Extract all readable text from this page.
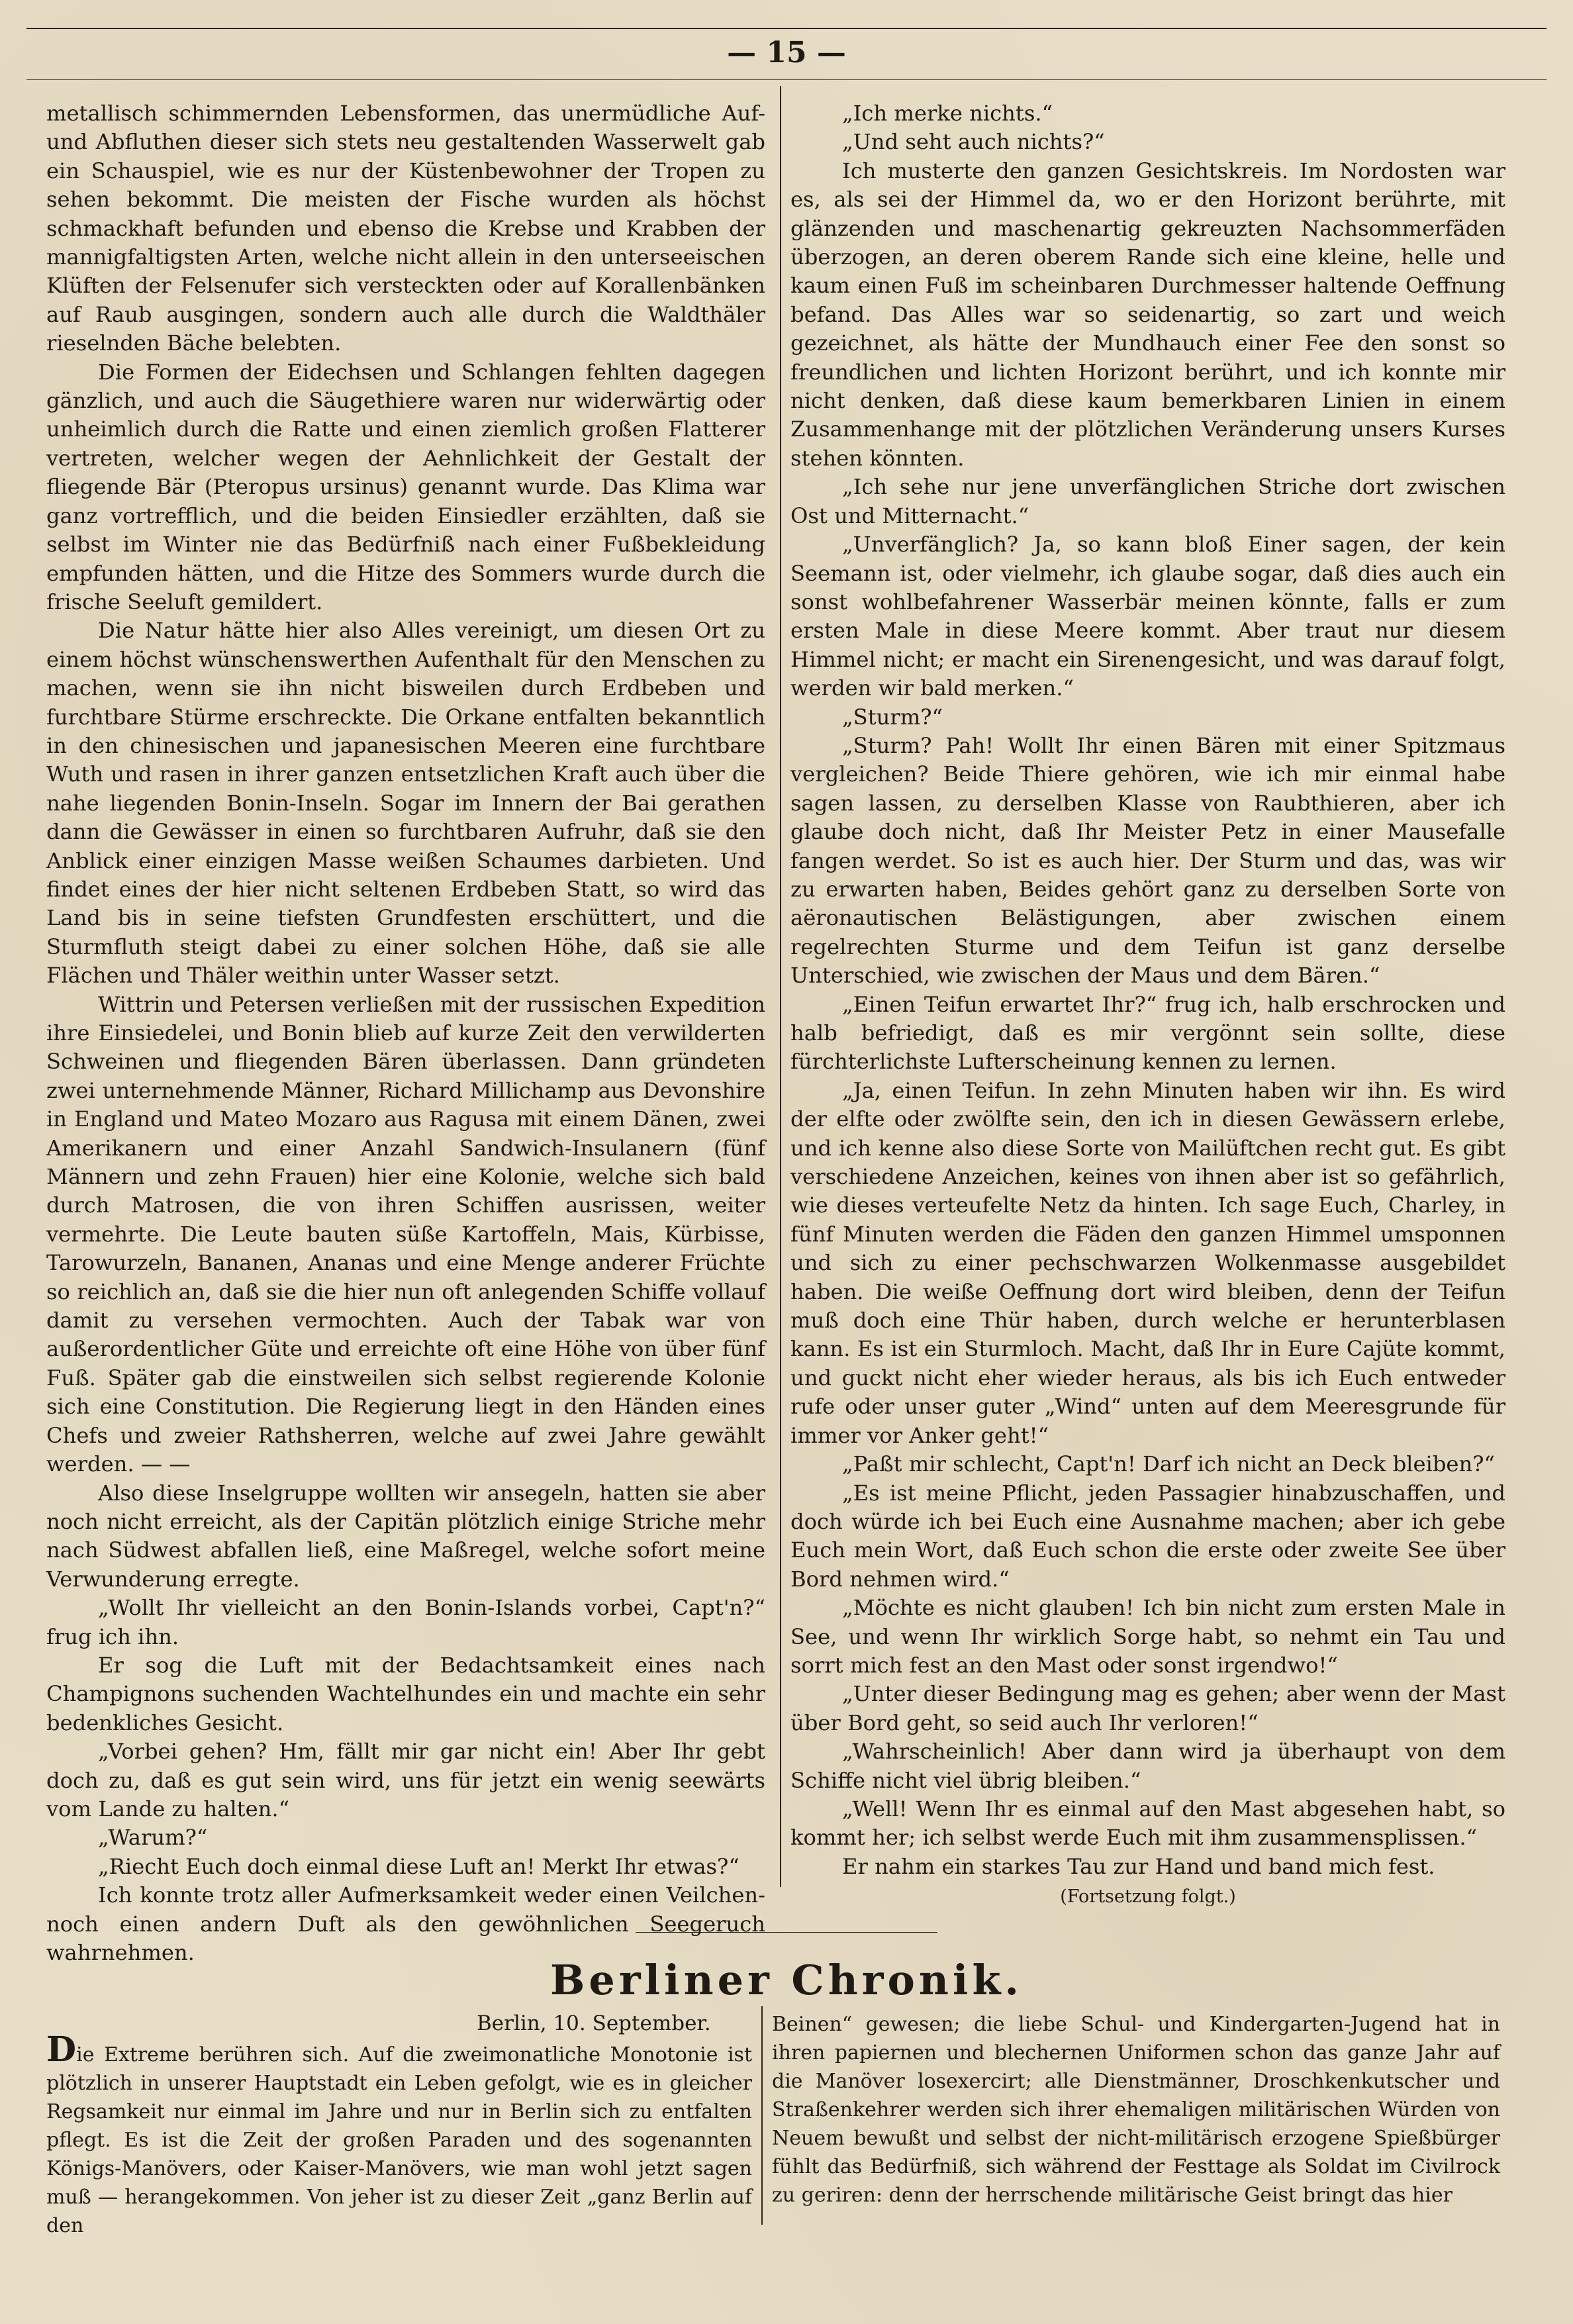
— 15 —

metallisch schimmernden Lebensformen, das unermüdliche Auf- und Abfluthen dieser sich stets neu gestaltenden Wasserwelt gab ein Schauspiel, wie es nur der Küstenbewohner der Tropen zu sehen bekommt. Die meisten der Fische wurden als höchst schmackhaft befunden und ebenso die Krebse und Krabben der mannigfaltigsten Arten, welche nicht allein in den unterseeischen Klüften der Felsenufer sich versteckten oder auf Korallenbänken auf Raub ausgingen, sondern auch alle durch die Waldthäler rieselnden Bäche belebten.

Die Formen der Eidechsen und Schlangen fehlten dagegen gänzlich, und auch die Säugethiere waren nur widerwärtig oder unheimlich durch die Ratte und einen ziemlich großen Flatterer vertreten, welcher wegen der Aehnlichkeit der Gestalt der fliegende Bär (Pteropus ursinus) genannt wurde. Das Klima war ganz vortrefflich, und die beiden Einsiedler erzählten, daß sie selbst im Winter nie das Bedürfniß nach einer Fußbekleidung empfunden hätten, und die Hitze des Sommers wurde durch die frische Seeluft gemildert.

Die Natur hätte hier also Alles vereinigt, um diesen Ort zu einem höchst wünschenswerthen Aufenthalt für den Menschen zu machen, wenn sie ihn nicht bisweilen durch Erdbeben und furchtbare Stürme erschreckte. Die Orkane entfalten bekanntlich in den chinesischen und japanesischen Meeren eine furchtbare Wuth und rasen in ihrer ganzen entsetzlichen Kraft auch über die nahe liegenden Bonin-Inseln. Sogar im Innern der Bai gerathen dann die Gewässer in einen so furchtbaren Aufruhr, daß sie den Anblick einer einzigen Masse weißen Schaumes darbieten. Und findet eines der hier nicht seltenen Erdbeben Statt, so wird das Land bis in seine tiefsten Grundfesten erschüttert, und die Sturmfluth steigt dabei zu einer solchen Höhe, daß sie alle Flächen und Thäler weithin unter Wasser setzt.

Wittrin und Petersen verließen mit der russischen Expedition ihre Einsiedelei, und Bonin blieb auf kurze Zeit den verwilderten Schweinen und fliegenden Bären überlassen. Dann gründeten zwei unternehmende Männer, Richard Millichamp aus Devonshire in England und Mateo Mozaro aus Ragusa mit einem Dänen, zwei Amerikanern und einer Anzahl Sandwich-Insulanern (fünf Männern und zehn Frauen) hier eine Kolonie, welche sich bald durch Matrosen, die von ihren Schiffen ausrissen, weiter vermehrte. Die Leute bauten süße Kartoffeln, Mais, Kürbisse, Tarowurzeln, Bananen, Ananas und eine Menge anderer Früchte so reichlich an, daß sie die hier nun oft anlegenden Schiffe vollauf damit zu versehen vermochten. Auch der Tabak war von außerordentlicher Güte und erreichte oft eine Höhe von über fünf Fuß. Später gab die einstweilen sich selbst regierende Kolonie sich eine Constitution. Die Regierung liegt in den Händen eines Chefs und zweier Rathsherren, welche auf zwei Jahre gewählt werden. — —

Also diese Inselgruppe wollten wir ansegeln, hatten sie aber noch nicht erreicht, als der Capitän plötzlich einige Striche mehr nach Südwest abfallen ließ, eine Maßregel, welche sofort meine Verwunderung erregte.

„Wollt Ihr vielleicht an den Bonin-Islands vorbei, Capt'n?“ frug ich ihn.

Er sog die Luft mit der Bedachtsamkeit eines nach Champignons suchenden Wachtelhundes ein und machte ein sehr bedenkliches Gesicht.

„Vorbei gehen? Hm, fällt mir gar nicht ein! Aber Ihr gebt doch zu, daß es gut sein wird, uns für jetzt ein wenig seewärts vom Lande zu halten.“

„Warum?“

„Riecht Euch doch einmal diese Luft an! Merkt Ihr etwas?“

Ich konnte trotz aller Aufmerksamkeit weder einen Veilchen- noch einen andern Duft als den gewöhnlichen Seegeruch wahrnehmen.

„Ich merke nichts.“

„Und seht auch nichts?“

Ich musterte den ganzen Gesichtskreis. Im Nordosten war es, als sei der Himmel da, wo er den Horizont berührte, mit glänzenden und maschenartig gekreuzten Nachsommerfäden überzogen, an deren oberem Rande sich eine kleine, helle und kaum einen Fuß im scheinbaren Durchmesser haltende Oeffnung befand. Das Alles war so seidenartig, so zart und weich gezeichnet, als hätte der Mundhauch einer Fee den sonst so freundlichen und lichten Horizont berührt, und ich konnte mir nicht denken, daß diese kaum bemerkbaren Linien in einem Zusammenhange mit der plötzlichen Veränderung unsers Kurses stehen könnten.

„Ich sehe nur jene unverfänglichen Striche dort zwischen Ost und Mitternacht.“

„Unverfänglich? Ja, so kann bloß Einer sagen, der kein Seemann ist, oder vielmehr, ich glaube sogar, daß dies auch ein sonst wohlbefahrener Wasserbär meinen könnte, falls er zum ersten Male in diese Meere kommt. Aber traut nur diesem Himmel nicht; er macht ein Sirenengesicht, und was darauf folgt, werden wir bald merken.“

„Sturm?“

„Sturm? Pah! Wollt Ihr einen Bären mit einer Spitzmaus vergleichen? Beide Thiere gehören, wie ich mir einmal habe sagen lassen, zu derselben Klasse von Raubthieren, aber ich glaube doch nicht, daß Ihr Meister Petz in einer Mausefalle fangen werdet. So ist es auch hier. Der Sturm und das, was wir zu erwarten haben, Beides gehört ganz zu derselben Sorte von aëronautischen Belästigungen, aber zwischen einem regelrechten Sturme und dem Teifun ist ganz derselbe Unterschied, wie zwischen der Maus und dem Bären.“

„Einen Teifun erwartet Ihr?“ frug ich, halb erschrocken und halb befriedigt, daß es mir vergönnt sein sollte, diese fürchterlichste Lufterscheinung kennen zu lernen.

„Ja, einen Teifun. In zehn Minuten haben wir ihn. Es wird der elfte oder zwölfte sein, den ich in diesen Gewässern erlebe, und ich kenne also diese Sorte von Mailüftchen recht gut. Es gibt verschiedene Anzeichen, keines von ihnen aber ist so gefährlich, wie dieses verteufelte Netz da hinten. Ich sage Euch, Charley, in fünf Minuten werden die Fäden den ganzen Himmel umsponnen und sich zu einer pechschwarzen Wolkenmasse ausgebildet haben. Die weiße Oeffnung dort wird bleiben, denn der Teifun muß doch eine Thür haben, durch welche er herunterblasen kann. Es ist ein Sturmloch. Macht, daß Ihr in Eure Cajüte kommt, und guckt nicht eher wieder heraus, als bis ich Euch entweder rufe oder unser guter „Wind“ unten auf dem Meeresgrunde für immer vor Anker geht!“

„Paßt mir schlecht, Capt'n! Darf ich nicht an Deck bleiben?“

„Es ist meine Pflicht, jeden Passagier hinabzuschaffen, und doch würde ich bei Euch eine Ausnahme machen; aber ich gebe Euch mein Wort, daß Euch schon die erste oder zweite See über Bord nehmen wird.“

„Möchte es nicht glauben! Ich bin nicht zum ersten Male in See, und wenn Ihr wirklich Sorge habt, so nehmt ein Tau und sorrt mich fest an den Mast oder sonst irgendwo!“

„Unter dieser Bedingung mag es gehen; aber wenn der Mast über Bord geht, so seid auch Ihr verloren!“

„Wahrscheinlich! Aber dann wird ja überhaupt von dem Schiffe nicht viel übrig bleiben.“

„Well! Wenn Ihr es einmal auf den Mast abgesehen habt, so kommt her; ich selbst werde Euch mit ihm zusammensplissen.“

Er nahm ein starkes Tau zur Hand und band mich fest.

(Fortsetzung folgt.)
Berliner Chronik.
Berlin, 10. September.

Die Extreme berühren sich. Auf die zweimonatliche Monotonie ist plötzlich in unserer Hauptstadt ein Leben gefolgt, wie es in gleicher Regsamkeit nur einmal im Jahre und nur in Berlin sich zu entfalten pflegt. Es ist die Zeit der großen Paraden und des sogenannten Königs-Manövers, oder Kaiser-Manövers, wie man wohl jetzt sagen muß — herangekommen. Von jeher ist zu dieser Zeit „ganz Berlin auf den

Beinen“ gewesen; die liebe Schul- und Kindergarten-Jugend hat in ihren papiernen und blechernen Uniformen schon das ganze Jahr auf die Manöver losexercirt; alle Dienstmänner, Droschkenkutscher und Straßenkehrer werden sich ihrer ehemaligen militärischen Würden von Neuem bewußt und selbst der nicht-militärisch erzogene Spießbürger fühlt das Bedürfniß, sich während der Festtage als Soldat im Civilrock zu geriren: denn der herrschende militärische Geist bringt das hier
